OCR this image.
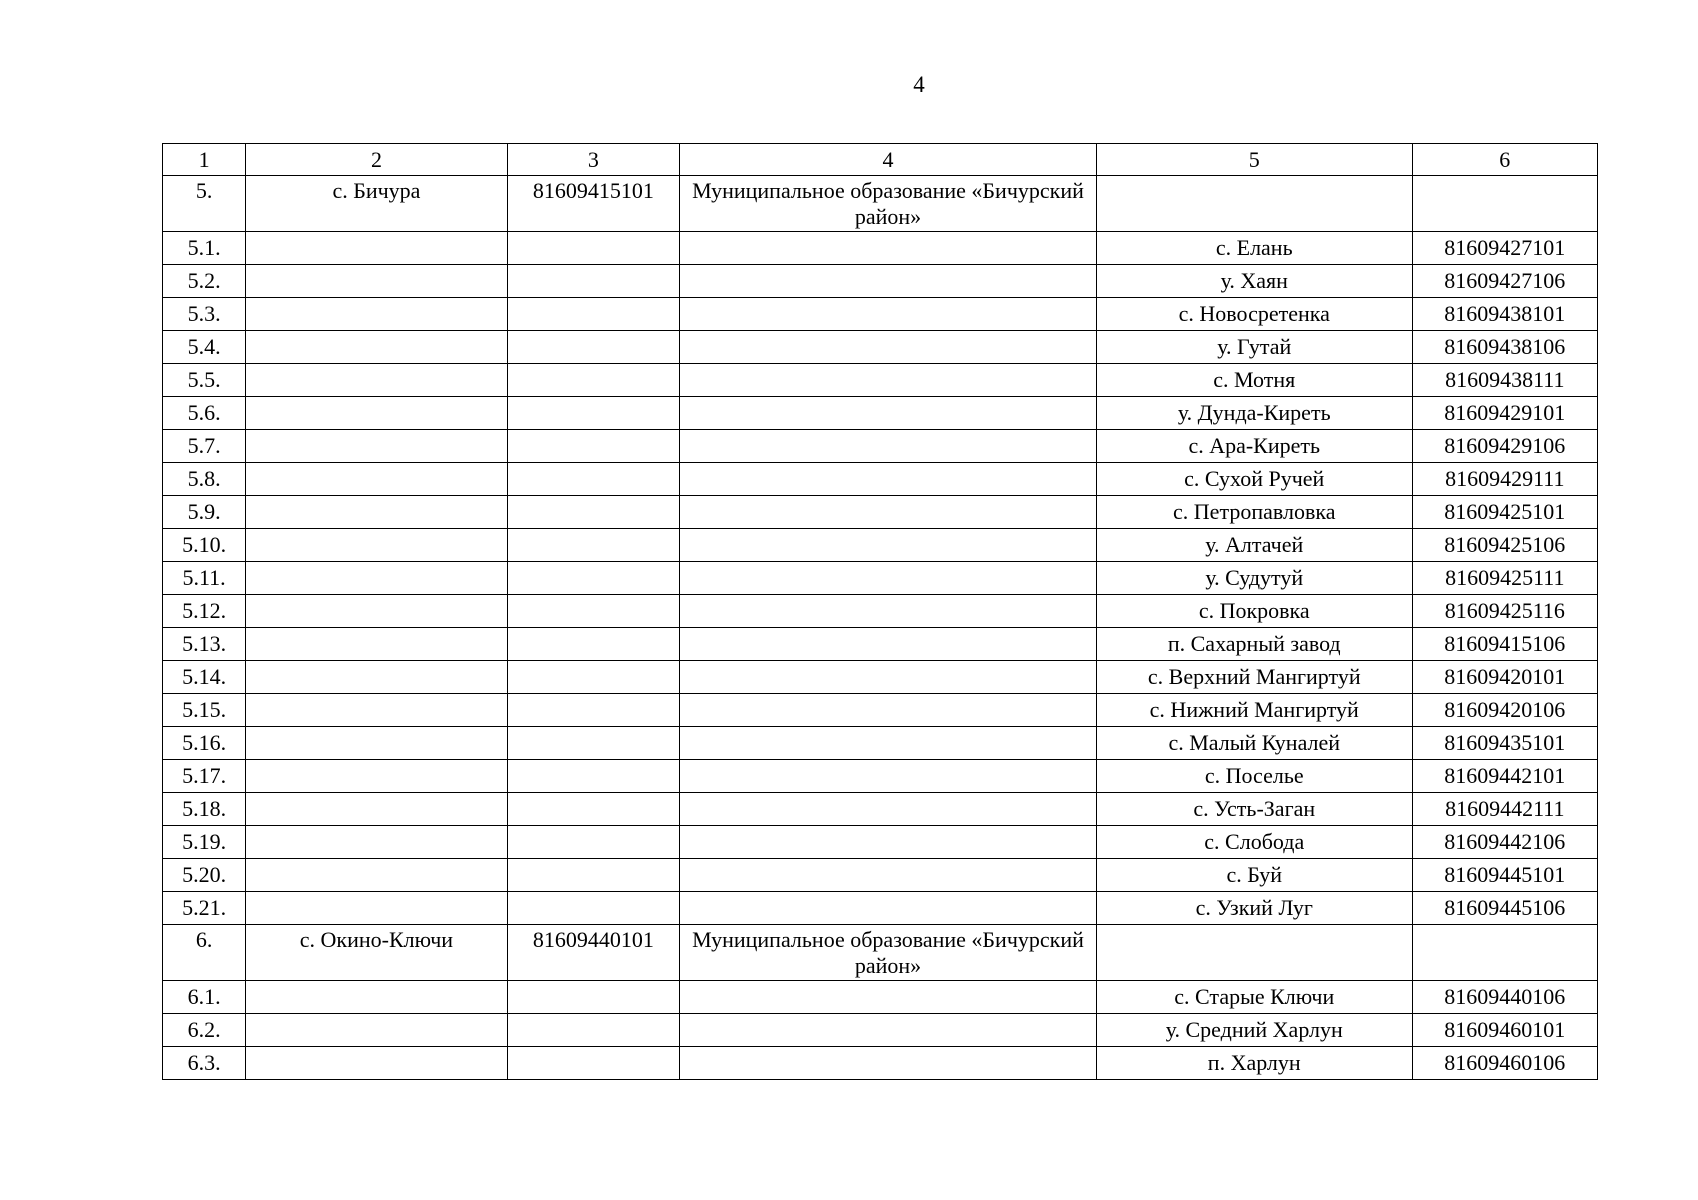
4
1	2	3	4	5	6
5.	с. Бичура	81609415101	Муниципальное образование «Бичурский район»		
5.1.				с. Елань	81609427101
5.2.				у. Хаян	81609427106
5.3.				с. Новосретенка	81609438101
5.4.				у. Гутай	81609438106
5.5.				с. Мотня	81609438111
5.6.				у. Дунда-Киреть	81609429101
5.7.				с. Ара-Киреть	81609429106
5.8.				с. Сухой Ручей	81609429111
5.9.				с. Петропавловка	81609425101
5.10.				у. Алтачей	81609425106
5.11.				у. Судутуй	81609425111
5.12.				с. Покровка	81609425116
5.13.				п. Сахарный завод	81609415106
5.14.				с. Верхний Мангиртуй	81609420101
5.15.				с. Нижний Мангиртуй	81609420106
5.16.				с. Малый Куналей	81609435101
5.17.				с. Поселье	81609442101
5.18.				с. Усть-Заган	81609442111
5.19.				с. Слобода	81609442106
5.20.				с. Буй	81609445101
5.21.				с. Узкий Луг	81609445106
6.	с. Окино-Ключи	81609440101	Муниципальное образование «Бичурский район»		
6.1.				с. Старые Ключи	81609440106
6.2.				у. Средний Харлун	81609460101
6.3.				п. Харлун	81609460106
